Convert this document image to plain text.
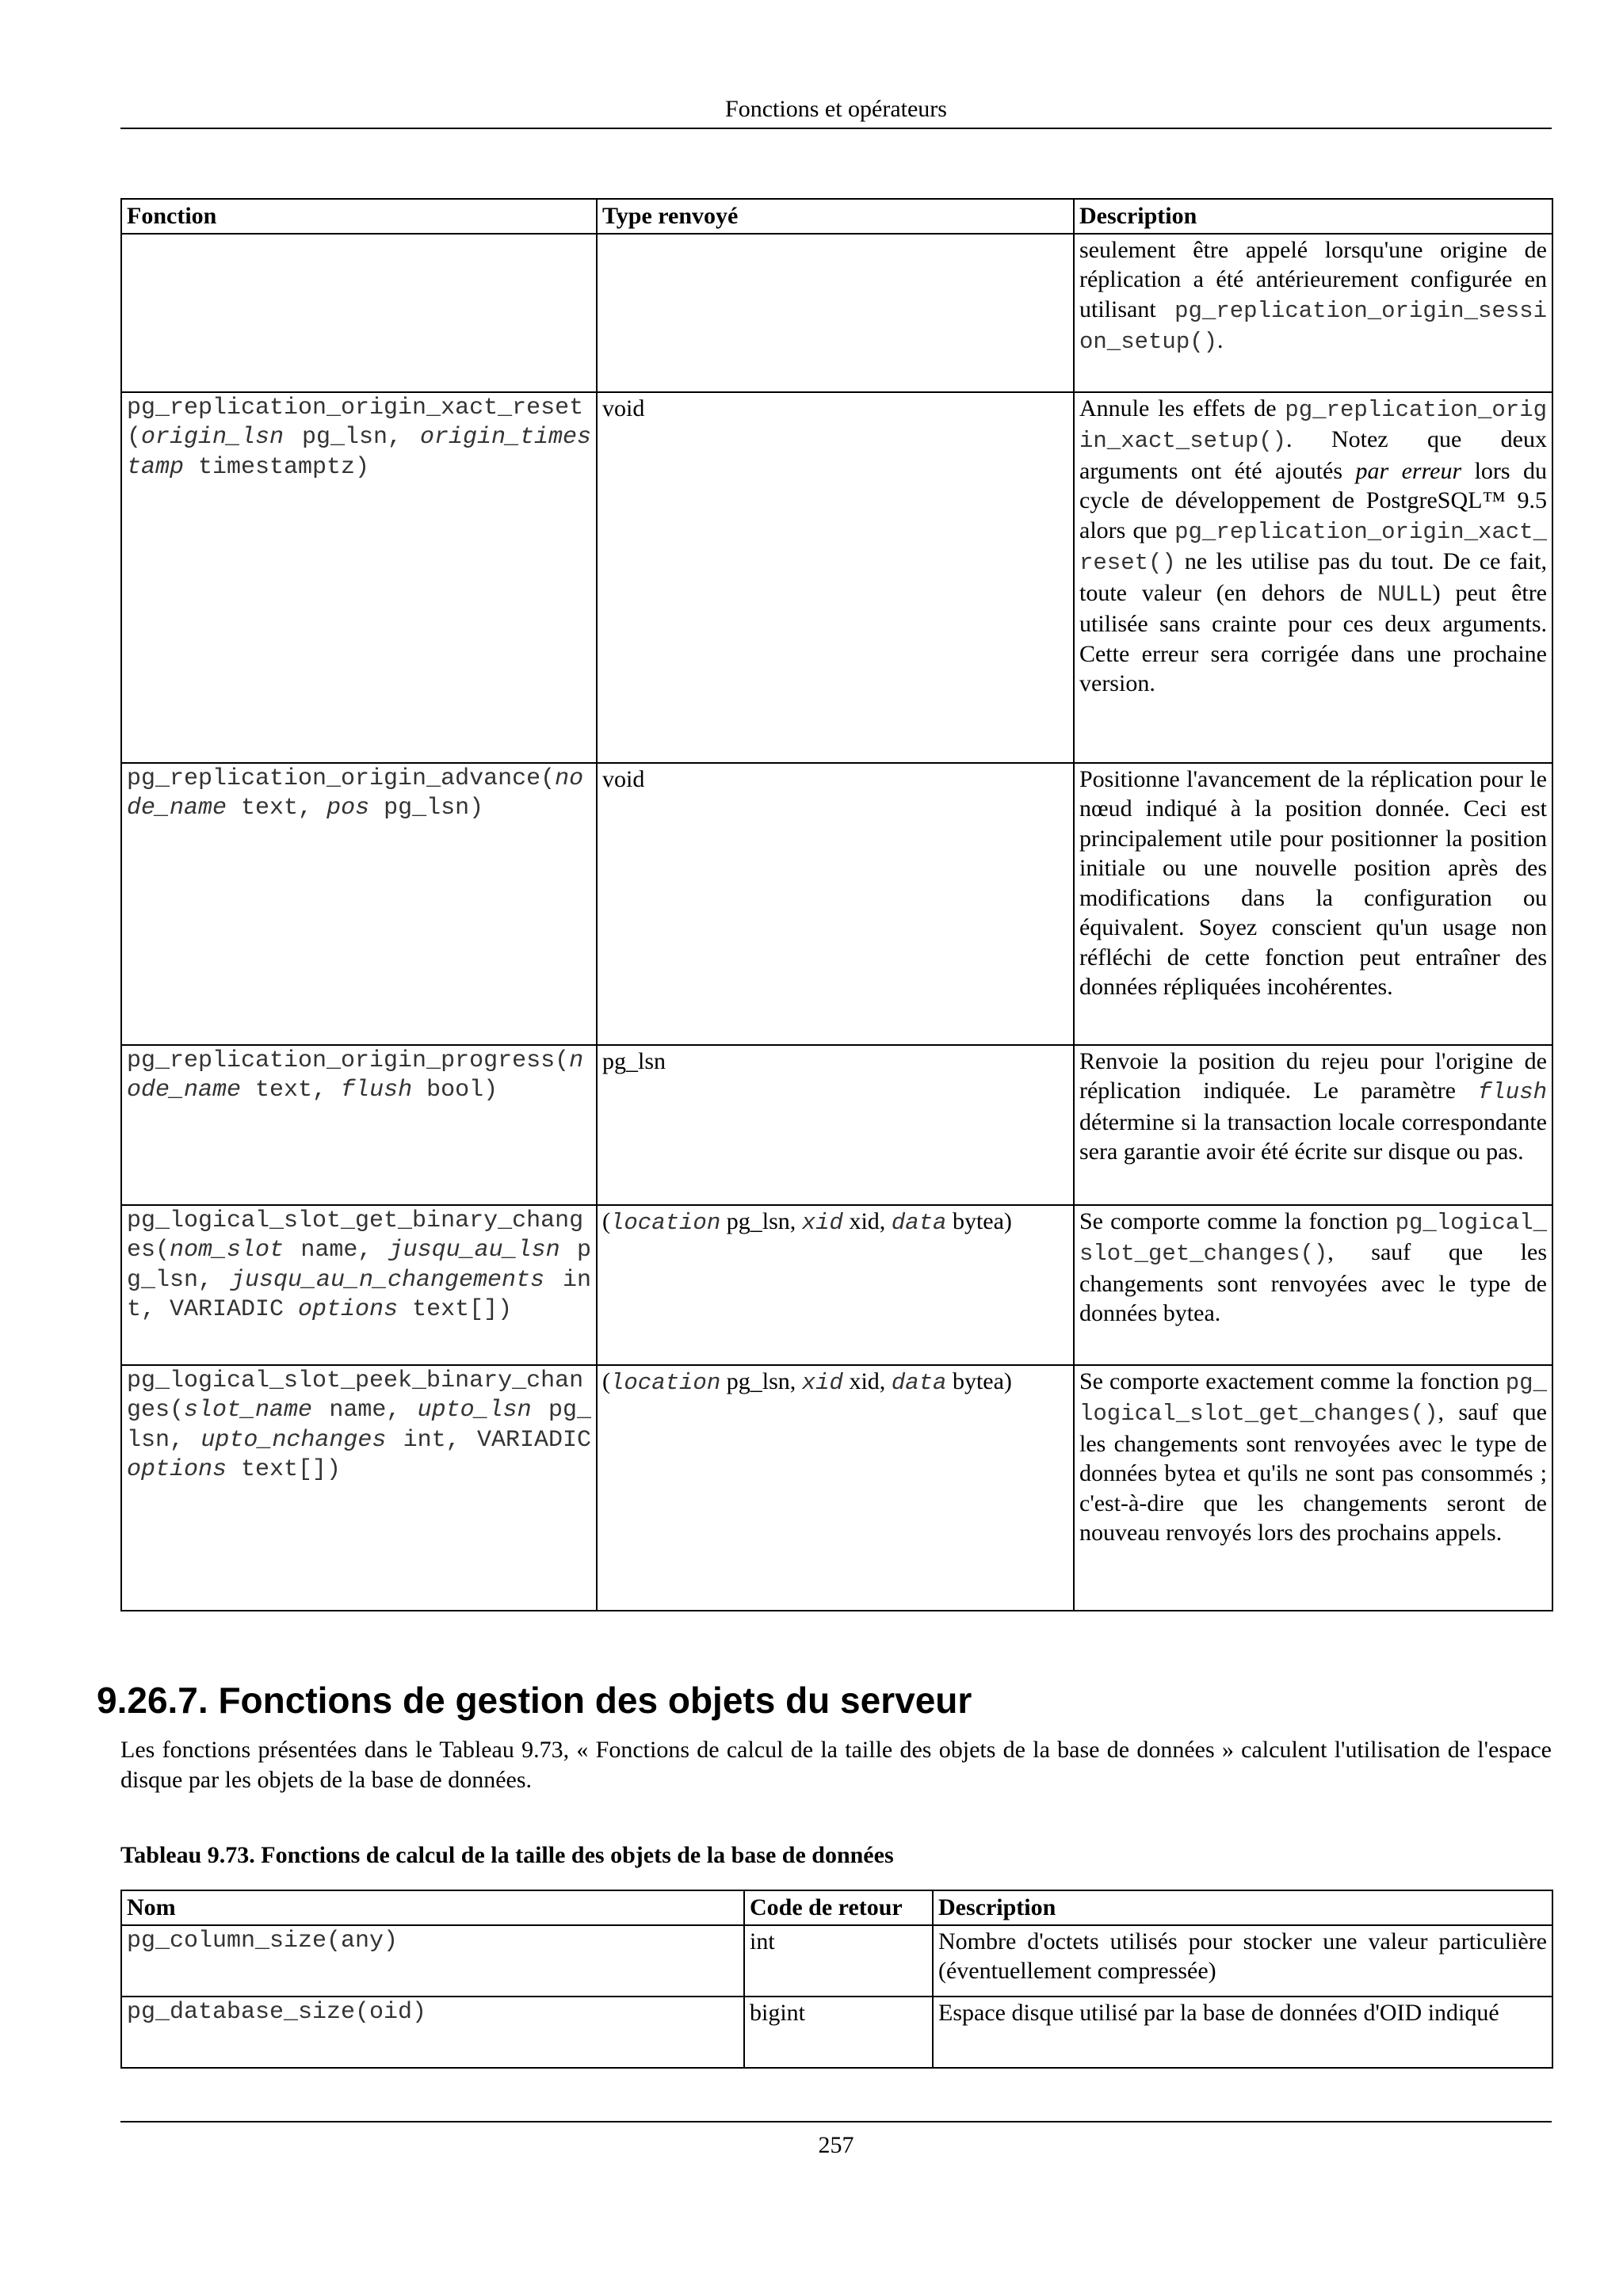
Fonctions et opérateurs
Fonction	Type renvoyé	Description
		seulement être appelé lorsqu'une origine de réplication a été antérieurement configurée en utilisant pg_replication_origin_session_setup().
pg_replication_origin_xact_reset(origin_lsn pg_lsn, origin_timestamp timestamptz)	void	Annule les effets de pg_replication_origin_xact_setup(). Notez que deux arguments ont été ajoutés par erreur lors du cycle de développement de PostgreSQL™ 9.5 alors que pg_replication_origin_xact_reset() ne les utilise pas du tout. De ce fait, toute valeur (en dehors de NULL) peut être utilisée sans crainte pour ces deux arguments. Cette erreur sera corrigée dans une prochaine version.
pg_replication_origin_advance(node_name text, pos pg_lsn)	void	Positionne l'avancement de la réplication pour le nœud indiqué à la position donnée. Ceci est principalement utile pour positionner la position initiale ou une nouvelle position après des modifications dans la configuration ou équivalent. Soyez conscient qu'un usage non réfléchi de cette fonction peut entraîner des données répliquées incohérentes.
pg_replication_origin_progress(node_name text, flush bool)	pg_lsn	Renvoie la position du rejeu pour l'origine de réplication indiquée. Le paramètre flush détermine si la transaction locale correspondante sera garantie avoir été écrite sur disque ou pas.
pg_logical_slot_get_binary_changes(nom_slot name, jusqu_au_lsn pg_lsn, jusqu_au_n_changements int, VARIADIC options text[])	(location pg_lsn, xid xid, data bytea)	Se comporte comme la fonction pg_logical_slot_get_changes(), sauf que les changements sont renvoyées avec le type de données bytea.
pg_logical_slot_peek_binary_changes(slot_name name, upto_lsn pg_lsn, upto_nchanges int, VARIADIC options text[])	(location pg_lsn, xid xid, data bytea)	Se comporte exactement comme la fonction pg_logical_slot_get_changes(), sauf que les changements sont renvoyées avec le type de données bytea et qu'ils ne sont pas consommés ; c'est-à-dire que les changements seront de nouveau renvoyés lors des prochains appels.
9.26.7. Fonctions de gestion des objets du serveur

Les fonctions présentées dans le Tableau 9.73, « Fonctions de calcul de la taille des objets de la base de données » calculent l'utilisation de l'espace disque par les objets de la base de données.

Tableau 9.73. Fonctions de calcul de la taille des objets de la base de données

Nom	Code de retour	Description
pg_column_size(any)	int	Nombre d'octets utilisés pour stocker une valeur particulière (éventuellement compressée)
pg_database_size(oid)	bigint	Espace disque utilisé par la base de données d'OID indiqué
257
